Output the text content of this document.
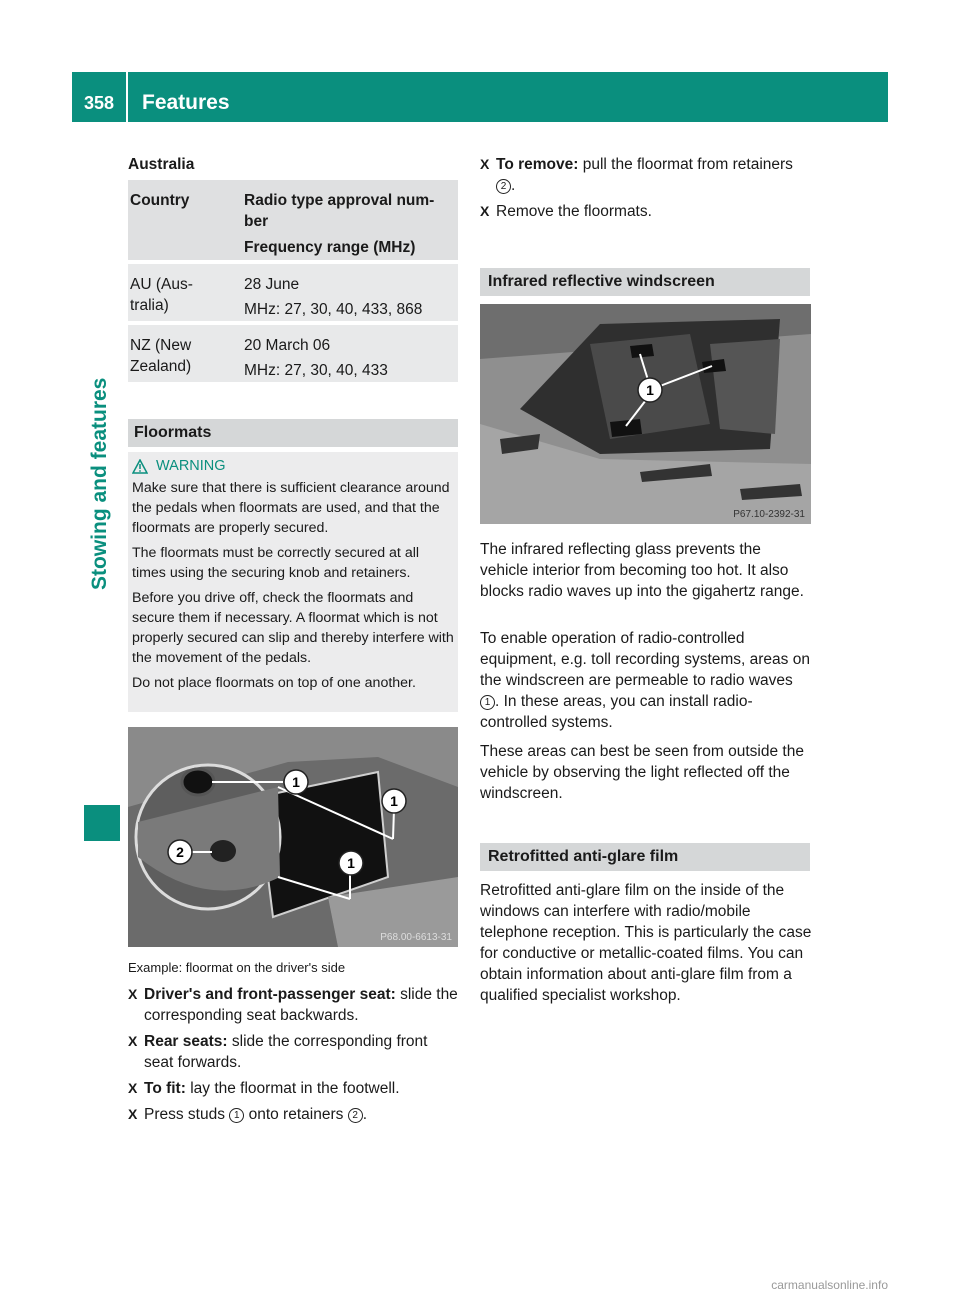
358	Features
Stowing and features
Australia
Country	Radio type approval num-
ber
Frequency range (MHz)
AU (Aus-
tralia)
28 June
MHz: 27, 30, 40, 433, 868
NZ (New
Zealand)
20 March 06
MHz: 27, 30, 40, 433
Floormats
WARNING

Make sure that there is sufficient clearance around the pedals when floormats are used, and that the floormats are properly secured.

The floormats must be correctly secured at all times using the securing knob and retainers.

Before you drive off, check the floormats and secure them if necessary. A floormat which is not properly secured can slip and thereby interfere with the movement of the pedals.

Do not place floormats on top of one another.

1
1
1
2
P68.00-6613-31
Example: floormat on the driver's side
X Driver's and front-passenger seat: slide the corresponding seat backwards.
X Rear seats: slide the corresponding front seat forwards.
X To fit: lay the floormat in the footwell.
X Press studs 1 onto retainers 2 .
X To remove: pull the floormat from retainers 2 .
X Remove the floormats.
Infrared reflective windscreen
1
P67.10-2392-31
The infrared reflecting glass prevents the vehicle interior from becoming too hot. It also blocks radio waves up into the gigahertz range.
To enable operation of radio-controlled equipment, e.g. toll recording systems, areas on the windscreen are permeable to radio waves 1 . In these areas, you can install radio-controlled systems.
These areas can best be seen from outside the vehicle by observing the light reflected off the windscreen.
Retrofitted anti-glare film
Retrofitted anti-glare film on the inside of the windows can interfere with radio/mobile telephone reception. This is particularly the case for conductive or metallic-coated films. You can obtain information about anti-glare film from a qualified specialist workshop.
carmanualsonline.info
